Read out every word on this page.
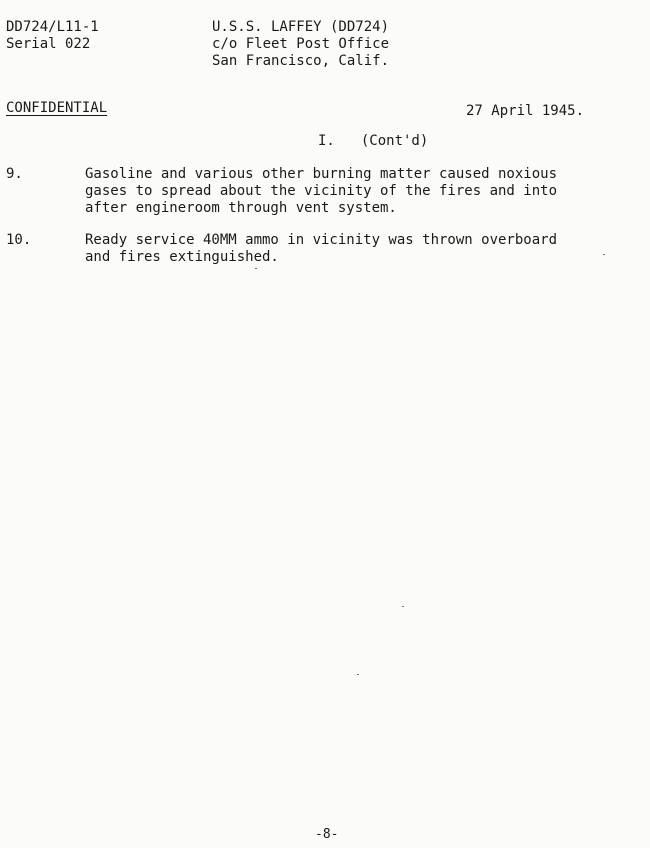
DD724/L11-1
Serial 022
U.S.S. LAFFEY (DD724)
c/o Fleet Post Office
San Francisco, Calif.
CONFIDENTIAL	27 April 1945.
I. (Cont'd)
9.	Gasoline and various other burning matter caused noxious
gases to spread about the vicinity of the fires and into
after engineroom through vent system.
10.	Ready service 40MM ammo in vicinity was thrown overboard
and fires extinguished.
-8-
